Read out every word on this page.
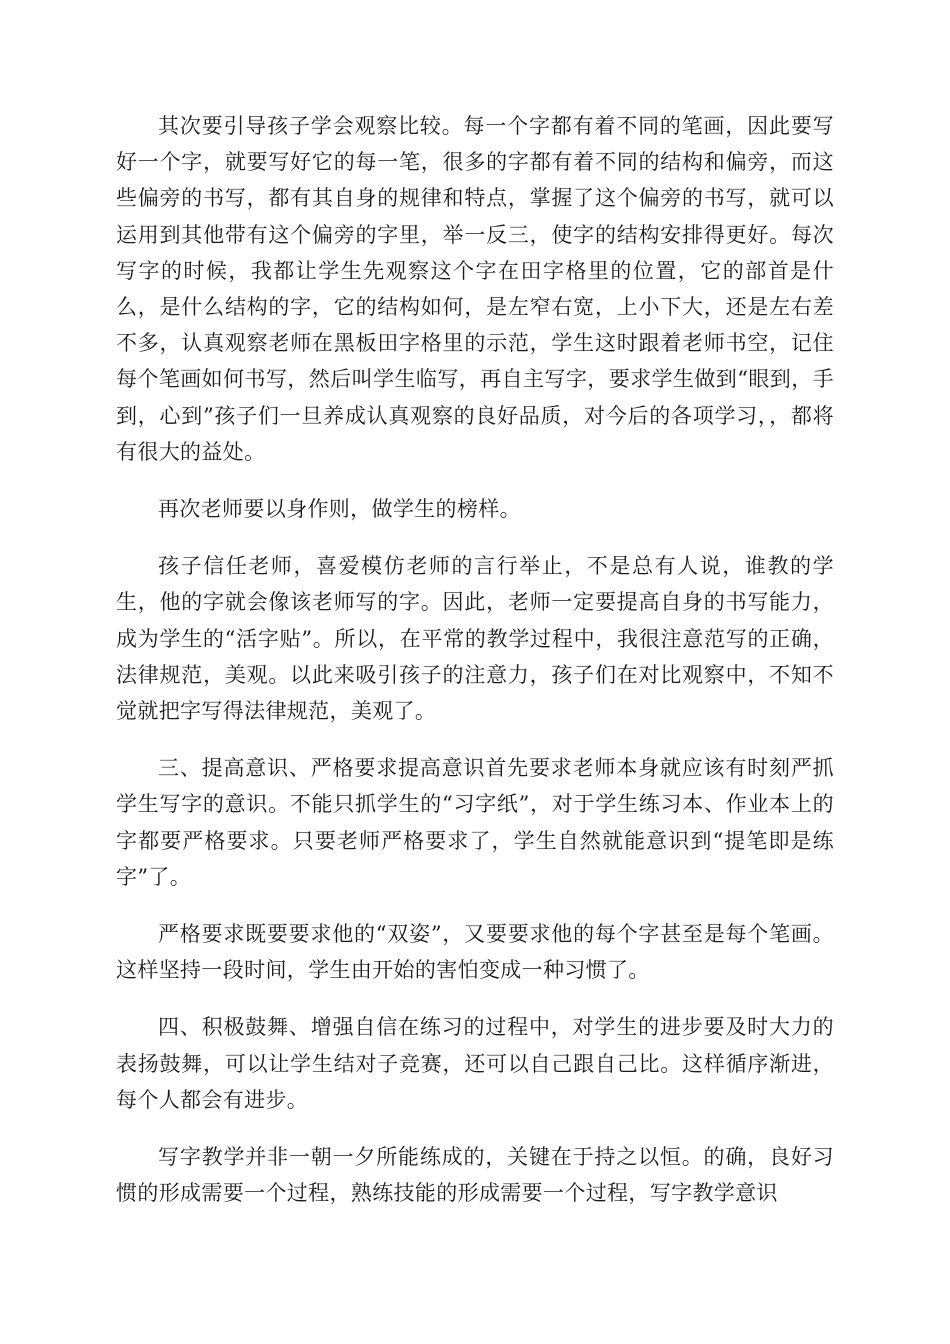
其次要引导孩子学会观察比较。每一个字都有着不同的笔画，因此要写好一个字，就要写好它的每一笔，很多的字都有着不同的结构和偏旁，而这些偏旁的书写，都有其自身的规律和特点，掌握了这个偏旁的书写，就可以运用到其他带有这个偏旁的字里，举一反三，使字的结构安排得更好。每次写字的时候，我都让学生先观察这个字在田字格里的位置，它的部首是什么，是什么结构的字，它的结构如何，是左窄右宽，上小下大，还是左右差不多，认真观察老师在黑板田字格里的示范，学生这时跟着老师书空，记住每个笔画如何书写，然后叫学生临写，再自主写字，要求学生做到“眼到，手到，心到”孩子们一旦养成认真观察的良好品质，对今后的各项学习，，都将有很大的益处。

再次老师要以身作则，做学生的榜样。

孩子信任老师，喜爱模仿老师的言行举止，不是总有人说，谁教的学生，他的字就会像该老师写的字。因此，老师一定要提高自身的书写能力，成为学生的“活字贴”。所以，在平常的教学过程中，我很注意范写的正确，法律规范，美观。以此来吸引孩子的注意力，孩子们在对比观察中，不知不觉就把字写得法律规范，美观了。

三、提高意识、严格要求提高意识首先要求老师本身就应该有时刻严抓学生写字的意识。不能只抓学生的“习字纸”，对于学生练习本、作业本上的字都要严格要求。只要老师严格要求了，学生自然就能意识到“提笔即是练字”了。

严格要求既要要求他的“双姿”，又要要求他的每个字甚至是每个笔画。这样坚持一段时间，学生由开始的害怕变成一种习惯了。

四、积极鼓舞、增强自信在练习的过程中，对学生的进步要及时大力的表扬鼓舞，可以让学生结对子竞赛，还可以自己跟自己比。这样循序渐进，每个人都会有进步。

写字教学并非一朝一夕所能练成的，关键在于持之以恒。的确，良好习惯的形成需要一个过程，熟练技能的形成需要一个过程，写字教学意识
